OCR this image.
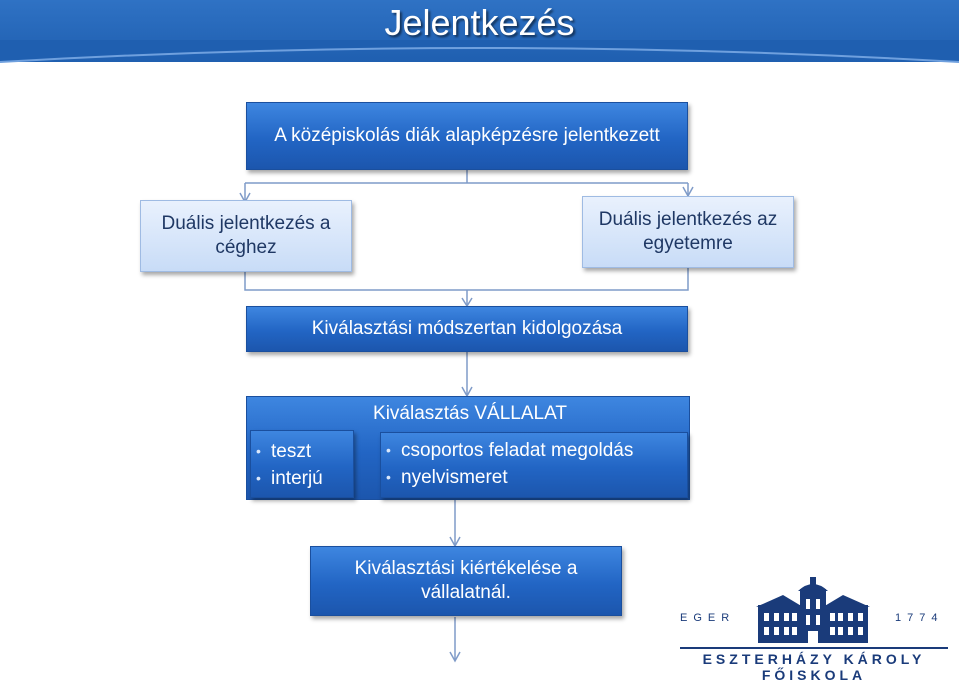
Jelentkezés
A középiskolás diák alapképzésre jelentkezett
Duális jelentkezés a céghez
Duális jelentkezés az egyetemre
Kiválasztási módszertan kidolgozása
Kiválasztás VÁLLALAT
• teszt
• interjú
• csoportos feladat megoldás
• nyelvismeret
Kiválasztási kiértékelése a vállalatnál.
EGER	1774
ESZTERHÁZY KÁROLY FŐISKOLA
